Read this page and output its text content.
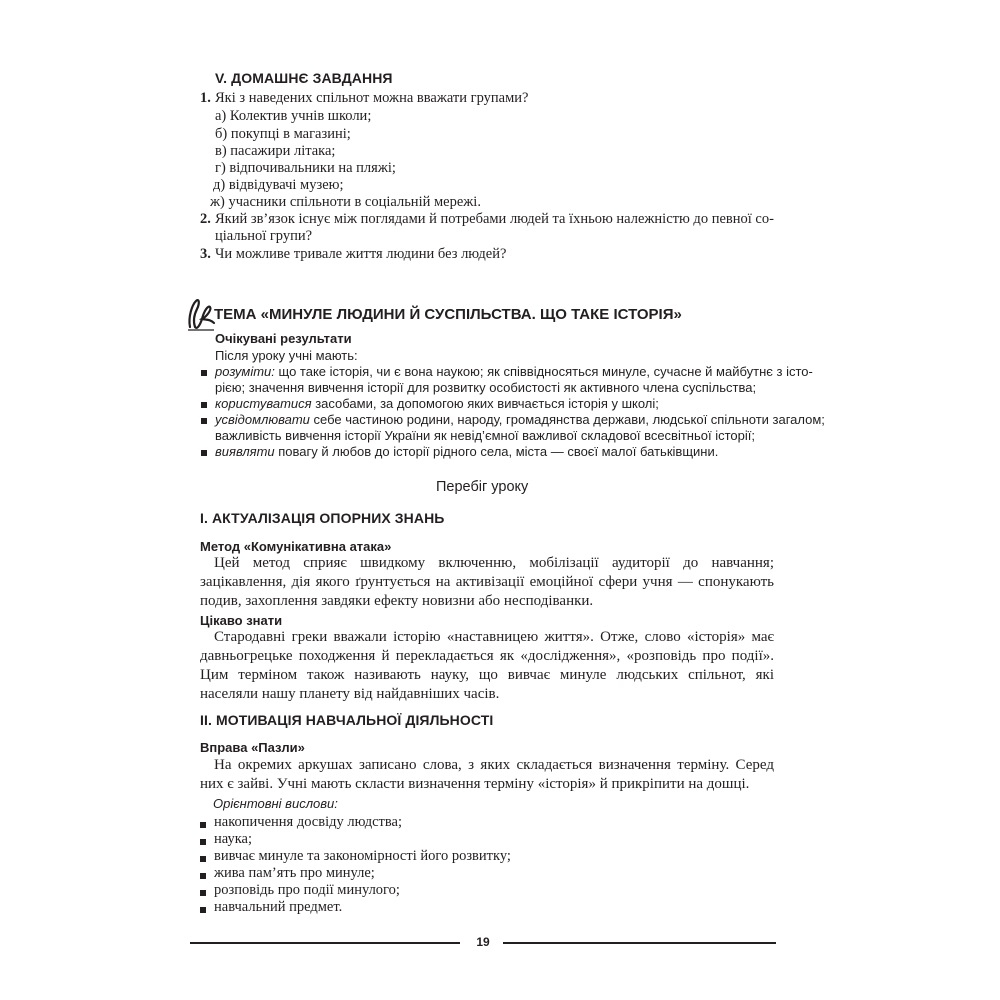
V. ДОМАШНЄ ЗАВДАННЯ
1. Які з наведених спільнот можна вважати групами?
а) Колектив учнів школи;
б) покупці в магазині;
в) пасажири літака;
г) відпочивальники на пляжі;
д) відвідувачі музею;
ж) учасники спільноти в соціальній мережі.
2. Який зв’язок існує між поглядами й потребами людей та їхньою належністю до певної со-
ціальної групи?
3. Чи можливе тривале життя людини без людей?
ТЕМА «МИНУЛЕ ЛЮДИНИ Й СУСПІЛЬСТВА. ЩО ТАКЕ ІСТОРІЯ»
Очікувані результати
Після уроку учні мають:
розуміти: що таке історія, чи є вона наукою; як співвідносяться минуле, сучасне й майбутнє з істо-
рією; значення вивчення історії для розвитку особистості як активного члена суспільства;
користуватися засобами, за допомогою яких вивчається історія у школі;
усвідомлювати себе частиною родини, народу, громадянства держави, людської спільноти загалом;
важливість вивчення історії України як невід’ємної важливої складової всесвітньої історії;
виявляти повагу й любов до історії рідного села, міста — своєї малої батьківщини.
Перебіг уроку
I. АКТУАЛІЗАЦІЯ ОПОРНИХ ЗНАНЬ
Метод «Комунікативна атака»
Цей метод сприяє швидкому включенню, мобілізації аудиторії до навчання; зацікавлення, дія якого ґрунтується на активізації емоційної сфери учня — спонукають подив, захоплення завдяки ефекту новизни або несподіванки.
Цікаво знати
Стародавні греки вважали історію «наставницею життя». Отже, слово «історія» має давньогрецьке походження й перекладається як «дослідження», «розповідь про події». Цим терміном також називають науку, що вивчає минуле людських спільнот, які населяли нашу планету від найдавніших часів.
II. МОТИВАЦІЯ НАВЧАЛЬНОЇ ДІЯЛЬНОСТІ
Вправа «Пазли»
На окремих аркушах записано слова, з яких складається визначення терміну. Серед них є зайві. Учні мають скласти визначення терміну «історія» й прикріпити на дошці.
Орієнтовні вислови:
накопичення досвіду людства;
наука;
вивчає минуле та закономірності його розвитку;
жива пам’ять про минуле;
розповідь про події минулого;
навчальний предмет.
19
